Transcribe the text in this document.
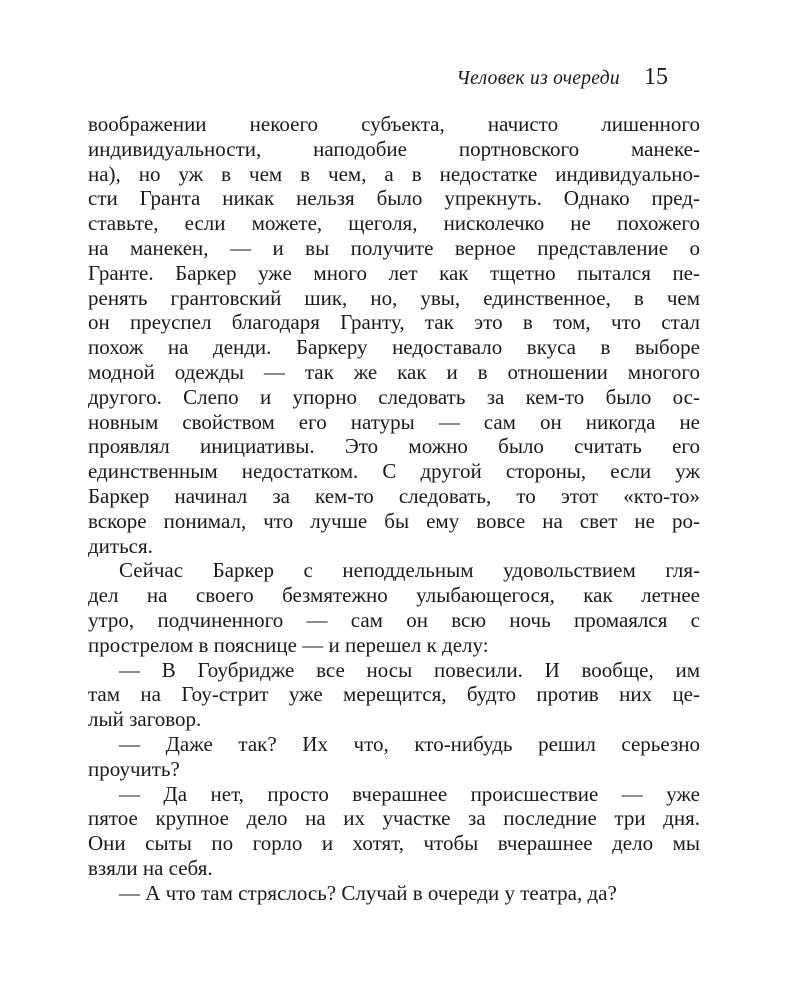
Человек из очереди 15
воображении некоего субъекта, начисто лишенного
индивидуальности, наподобие портновского манеке-
на), но уж в чем в чем, а в недостатке индивидуально-
сти Гранта никак нельзя было упрекнуть. Однако пред-
ставьте, если можете, щеголя, нисколечко не похожего
на манекен, — и вы получите верное представление о
Гранте. Баркер уже много лет как тщетно пытался пе-
ренять грантовский шик, но, увы, единственное, в чем
он преуспел благодаря Гранту, так это в том, что стал
похож на денди. Баркеру недоставало вкуса в выборе
модной одежды — так же как и в отношении многого
другого. Слепо и упорно следовать за кем-то было ос-
новным свойством его натуры — сам он никогда не
проявлял инициативы. Это можно было считать его
единственным недостатком. С другой стороны, если уж
Баркер начинал за кем-то следовать, то этот «кто-то»
вскоре понимал, что лучше бы ему вовсе на свет не ро-
диться.
Сейчас Баркер с неподдельным удовольствием гля-
дел на своего безмятежно улыбающегося, как летнее
утро, подчиненного — сам он всю ночь промаялся с
прострелом в пояснице — и перешел к делу:
— В Гоубридже все носы повесили. И вообще, им
там на Гоу-стрит уже мерещится, будто против них це-
лый заговор.
— Даже так? Их что, кто-нибудь решил серьезно
проучить?
— Да нет, просто вчерашнее происшествие — уже
пятое крупное дело на их участке за последние три дня.
Они сыты по горло и хотят, чтобы вчерашнее дело мы
взяли на себя.
— А что там стряслось? Случай в очереди у театра, да?
